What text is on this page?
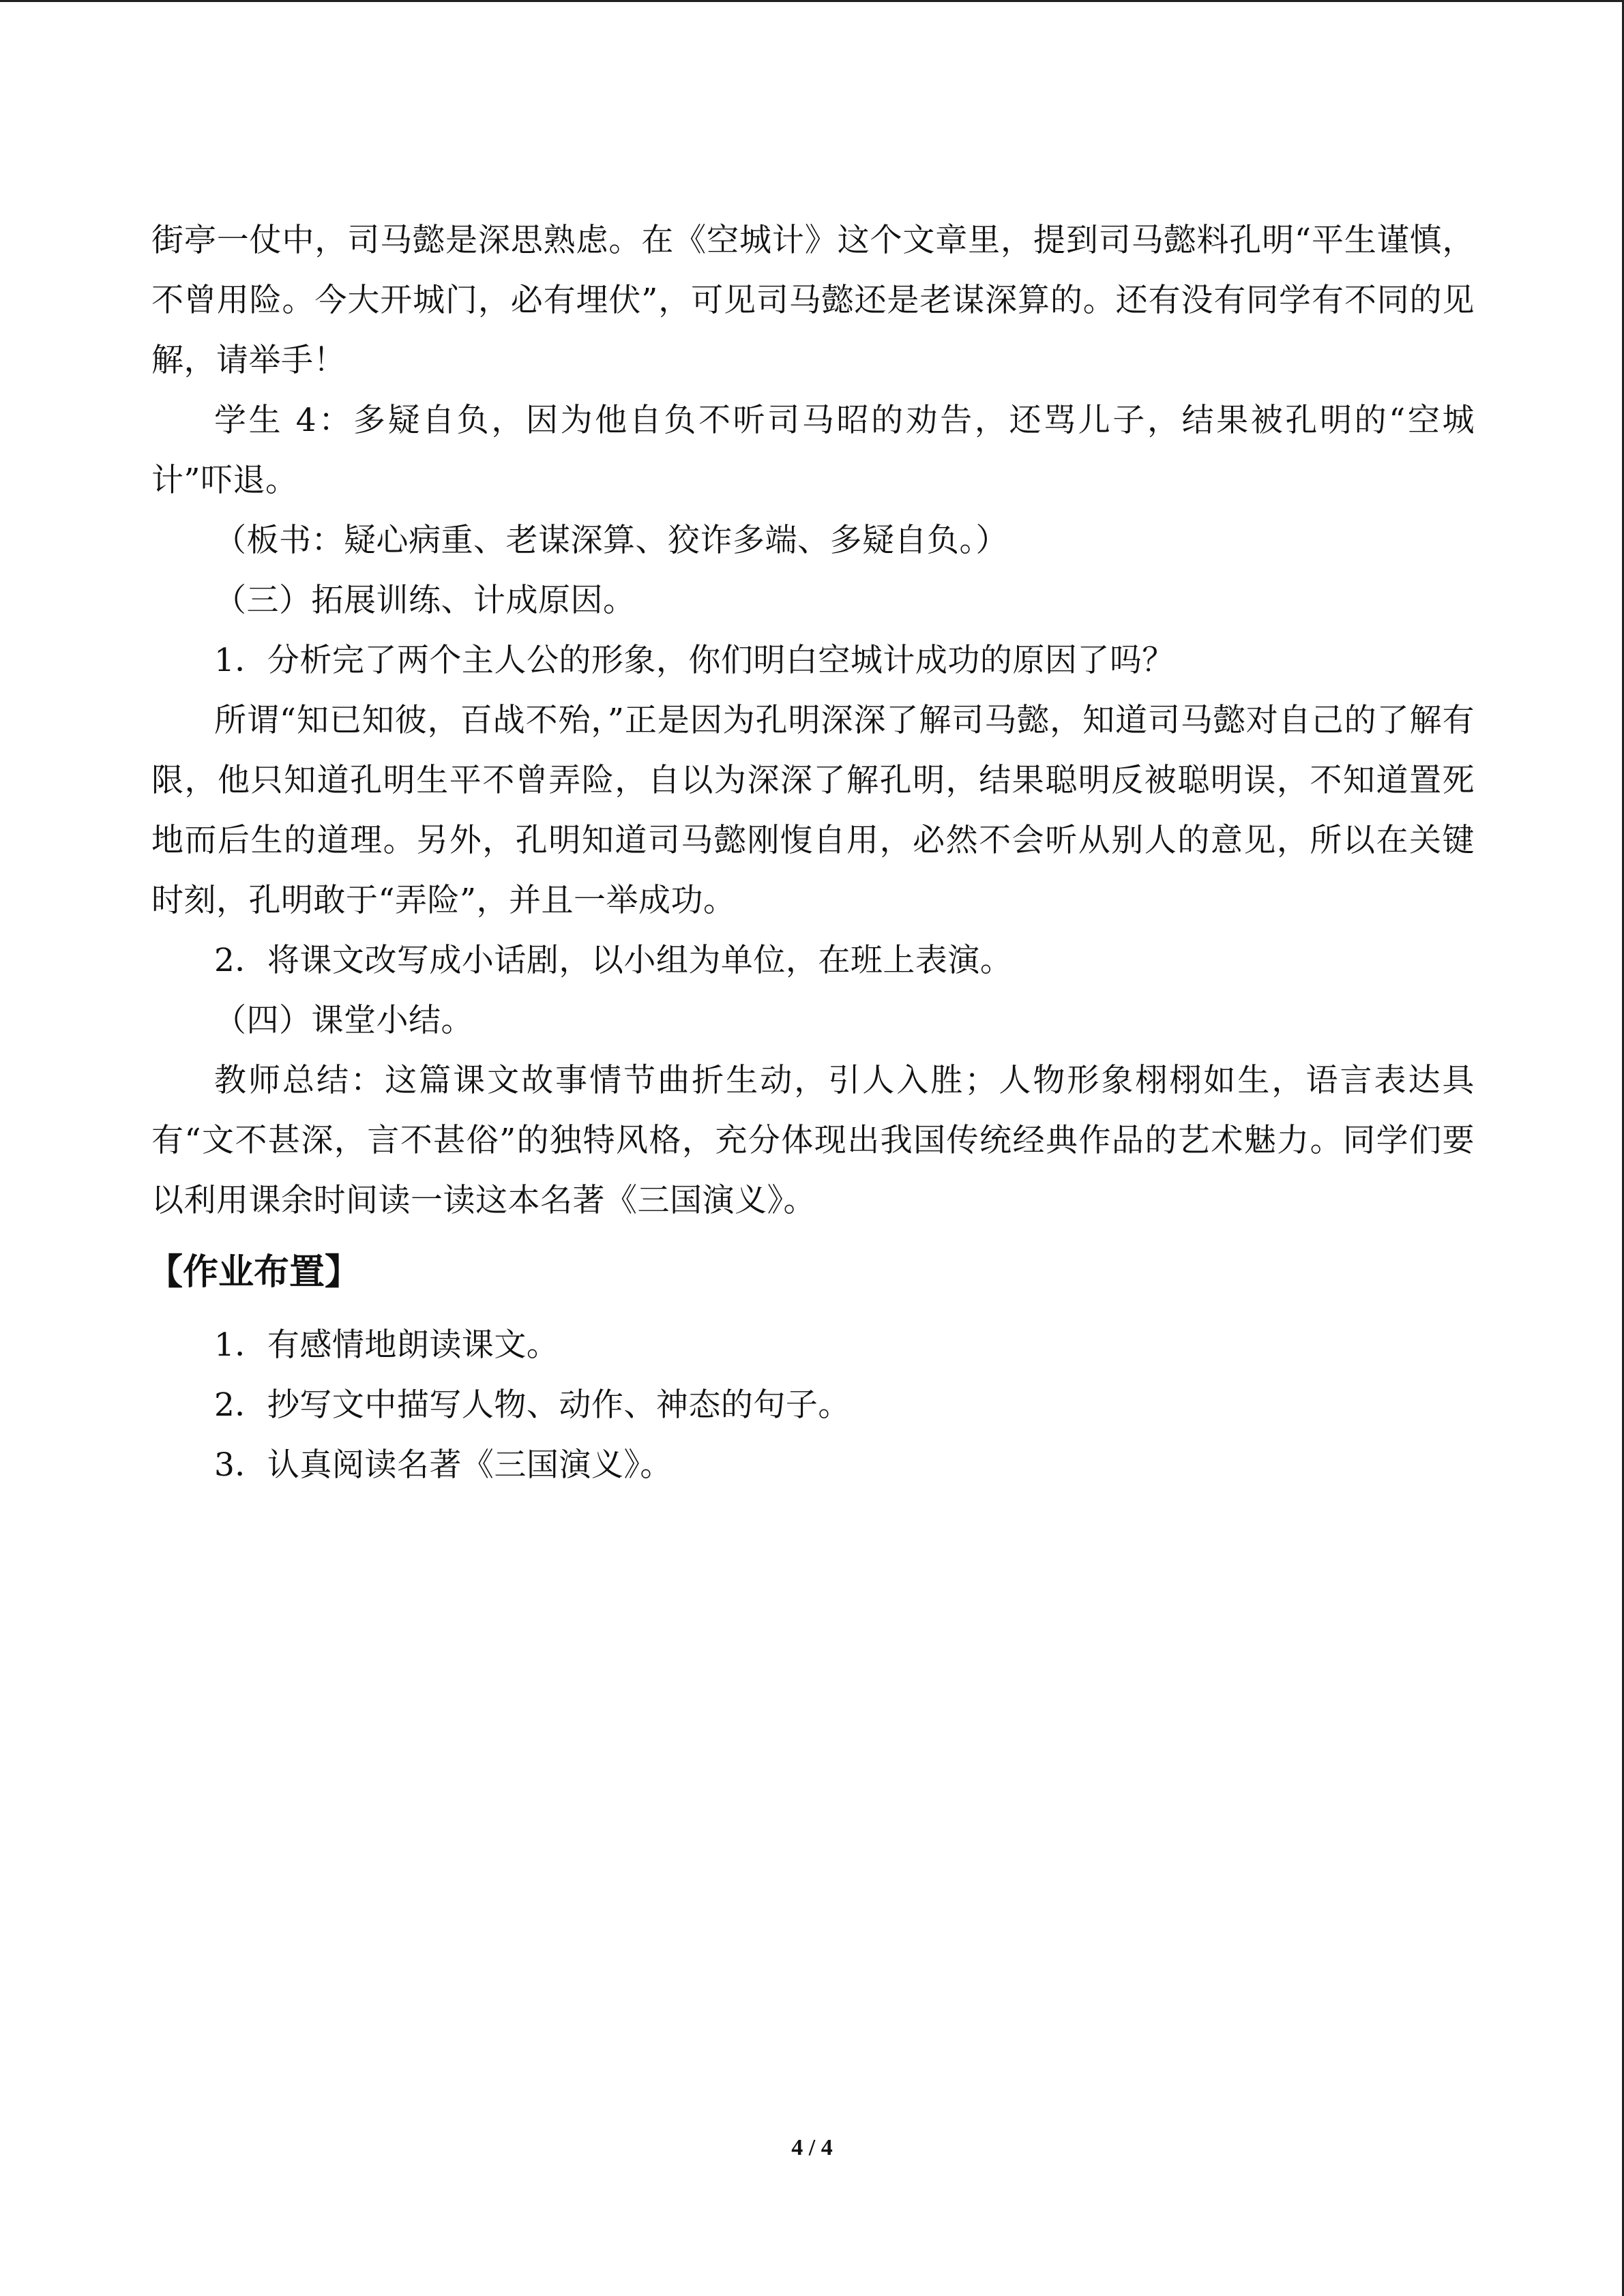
街亭一仗中，司马懿是深思熟虑。在《空城计》这个文章里，提到司马懿料孔明“平生谨慎，不曾用险。今大开城门，必有埋伏”，可见司马懿还是老谋深算的。还有没有同学有不同的见解，请举手！

学生 4：多疑自负，因为他自负不听司马昭的劝告，还骂儿子，结果被孔明的“空城计”吓退。

（板书：疑心病重、老谋深算、狡诈多端、多疑自负。）

（三）拓展训练、计成原因。

1．分析完了两个主人公的形象，你们明白空城计成功的原因了吗？

所谓“知已知彼，百战不殆，”正是因为孔明深深了解司马懿，知道司马懿对自己的了解有限，他只知道孔明生平不曾弄险，自以为深深了解孔明，结果聪明反被聪明误，不知道置死地而后生的道理。另外，孔明知道司马懿刚愎自用，必然不会听从别人的意见，所以在关键时刻，孔明敢于“弄险”，并且一举成功。

2．将课文改写成小话剧，以小组为单位，在班上表演。

（四）课堂小结。

教师总结：这篇课文故事情节曲折生动，引人入胜；人物形象栩栩如生，语言表达具有“文不甚深，言不甚俗”的独特风格，充分体现出我国传统经典作品的艺术魅力。同学们要以利用课余时间读一读这本名著《三国演义》。

【作业布置】

1．有感情地朗读课文。

2．抄写文中描写人物、动作、神态的句子。

3．认真阅读名著《三国演义》。

4 / 4
